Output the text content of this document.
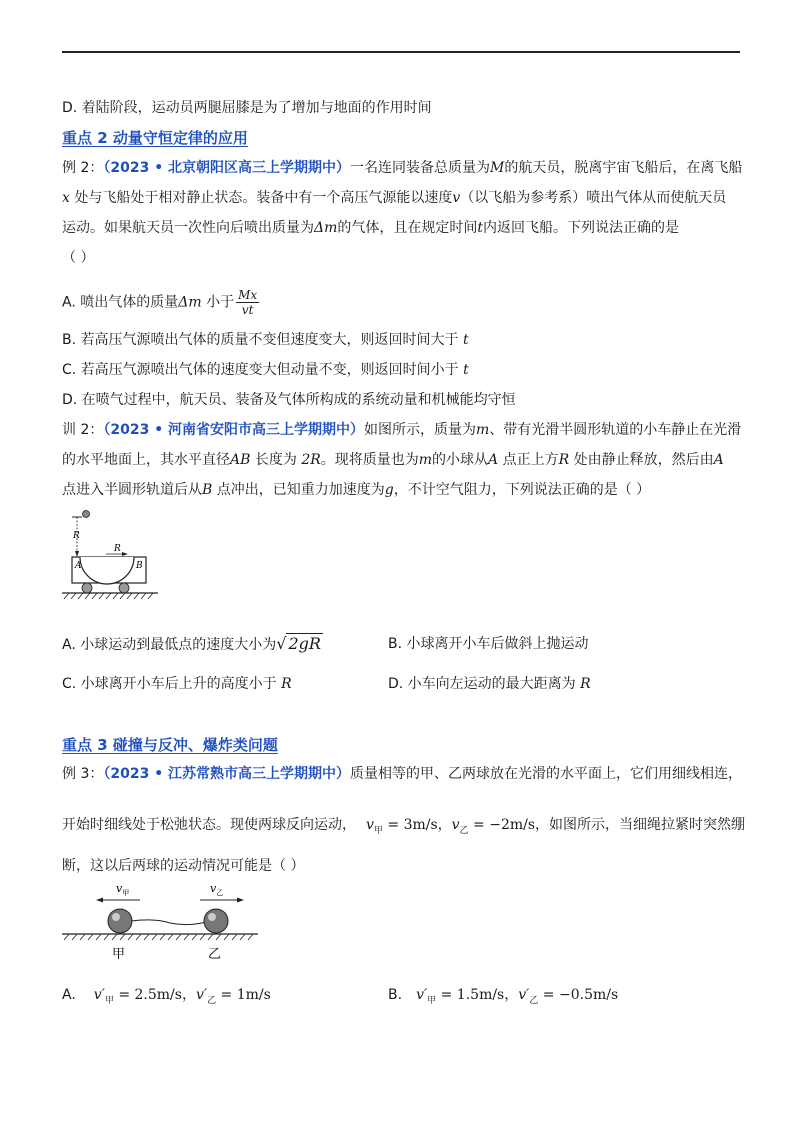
D. 着陆阶段，运动员两腿屈膝是为了增加与地面的作用时间
重点 2 动量守恒定律的应用
例 2：（2023 • 北京朝阳区高三上学期期中）一名连同装备总质量为M的航天员，脱离宇宙飞船后，在离飞船
x 处与飞船处于相对静止状态。装备中有一个高压气源能以速度v（以飞船为参考系）喷出气体从而使航天员
运动。如果航天员一次性向后喷出质量为Δm的气体，且在规定时间t内返回飞船。下列说法正确的是
（ ）
A. 喷出气体的质量Δm 小于 $\frac{Mx}{vt}$
B. 若高压气源喷出气体的质量不变但速度变大，则返回时间大于 t
C. 若高压气源喷出气体的速度变大但动量不变，则返回时间小于 t
D. 在喷气过程中，航天员、装备及气体所构成的系统动量和机械能均守恒
训 2：（2023 • 河南省安阳市高三上学期期中）如图所示，质量为m、带有光滑半圆形轨道的小车静止在光滑
的水平地面上，其水平直径AB 长度为 2R。现将质量也为m的小球从A 点正上方R 处由静止释放，然后由A
点进入半圆形轨道后从B 点冲出，已知重力加速度为g，不计空气阻力，下列说法正确的是（ ）
R
R
A	B
A. 小球运动到最低点的速度大小为√ 2gR	B. 小球离开小车后做斜上抛运动
C. 小球离开小车后上升的高度小于 R	D. 小车向左运动的最大距离为 R
重点 3 碰撞与反冲、爆炸类问题
例 3：（2023 • 江苏常熟市高三上学期期中）质量相等的甲、乙两球放在光滑的水平面上，它们用细线相连，
开始时细线处于松弛状态。现使两球反向运动， $v_甲 = 3m/s$，$v_乙 = -2m/s$，如图所示，当细绳拉紧时突然绷
断，这以后两球的运动情况可能是（ ）
$v_甲$	$v_乙$
甲	乙
A. $v'_甲 = 2.5m/s$，$v'_乙 = 1m/s$	B. $v'_甲 = 1.5m/s$，$v'_乙 = -0.5m/s$
